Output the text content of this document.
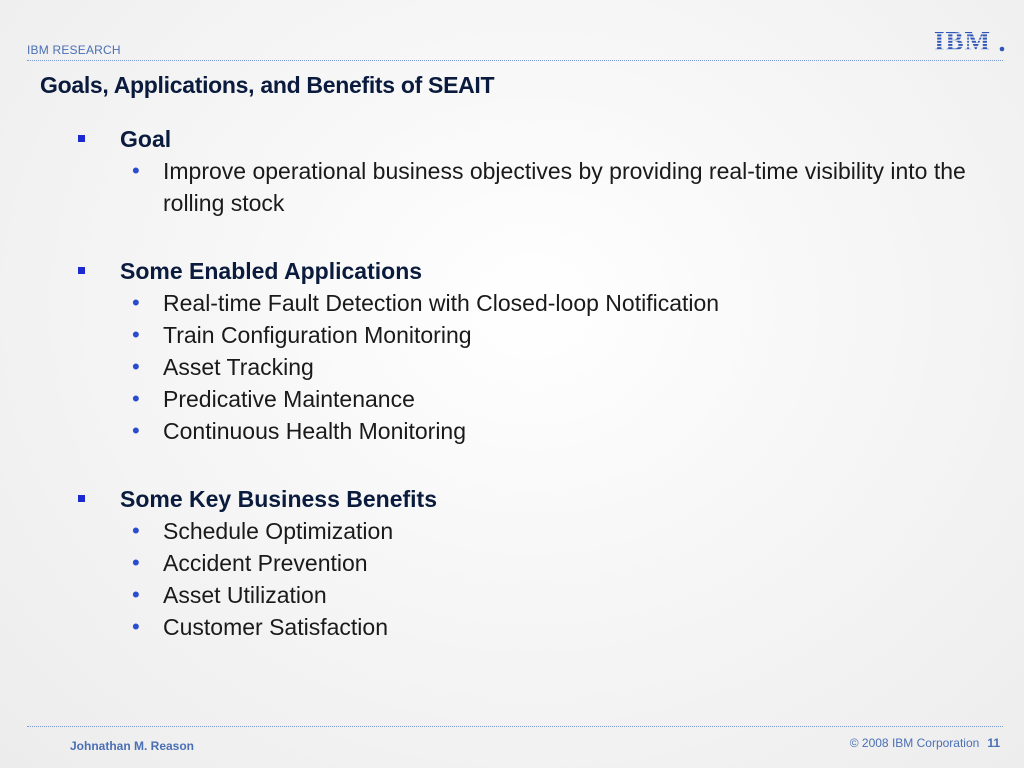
IBM RESEARCH	IBM
Goals, Applications, and Benefits of SEAIT
Goal
• Improve operational business objectives by providing real-time visibility into the rolling stock
Some Enabled Applications
• Real-time Fault Detection with Closed-loop Notification
• Train Configuration Monitoring
• Asset Tracking
• Predicative Maintenance
• Continuous Health Monitoring
Some Key Business Benefits
• Schedule Optimization
• Accident Prevention
• Asset Utilization
• Customer Satisfaction
Johnathan M. Reason	© 2008 IBM Corporation 11
